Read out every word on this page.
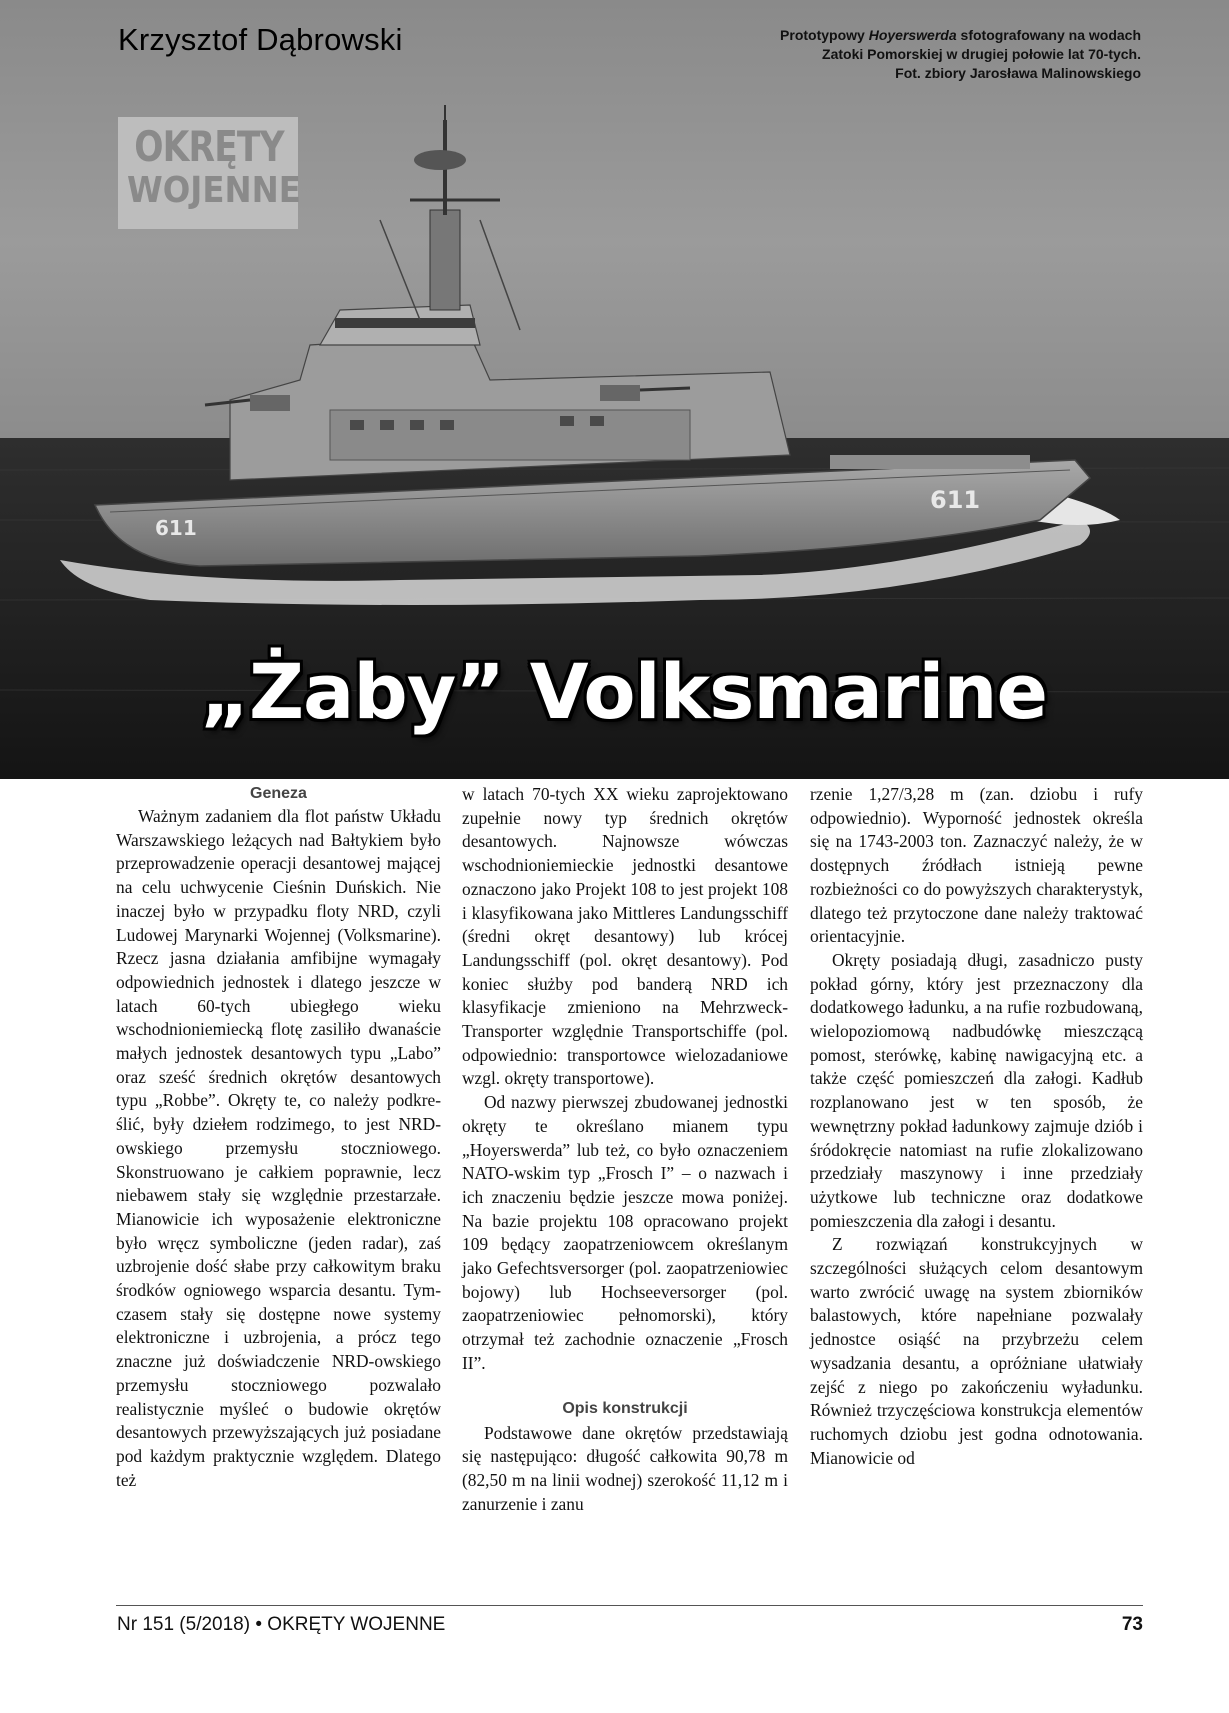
611
611
Krzysztof Dąbrowski	Prototypowy Hoyerswerda sfotografowany na wodach
Zatoki Pomorskiej w drugiej połowie lat 70-tych.
Fot. zbiory Jarosława Malinowskiego
OKRĘTY
WOJENNE
„Żaby” Volksmarine
Geneza

Ważnym zadaniem dla flot państw Układu Warszawskiego leżących nad Bałtykiem było przeprowadzenie operacji desantowej mającej na celu uchwycenie Cieśnin Duńskich. Nie inaczej było w przypadku floty NRD, czyli Ludowej Marynarki Wojennej (Volksmarine). Rzecz jasna działania amfibijne wymagały odpowiednich jednostek i dlatego jeszcze w latach 60-tych ubiegłego wieku wschodnioniemiecką flotę zasiliło dwanaście małych jednostek desantowych typu „Labo” oraz sześć średnich okrętów desantowych typu „Robbe”. Okręty te, co należy podkreślić, były dziełem rodzimego, to jest NRD-owskiego przemysłu stoczniowego. Skonstruowano je całkiem poprawnie, lecz niebawem stały się względnie przestarzałe. Mianowicie ich wyposażenie elektroniczne było wręcz symboliczne (jeden radar), zaś uzbrojenie dość słabe przy całkowitym braku środków ogniowego wsparcia desantu. Tymczasem stały się dostępne nowe systemy elektroniczne i uzbrojenia, a prócz tego znaczne już doświadczenie NRD-owskiego przemysłu stoczniowego pozwalało realistycznie myśleć o budowie okrętów desantowych przewyższających już posiadane pod każdym praktycznie względem. Dlatego też

w latach 70-tych XX wieku zaprojektowano zupełnie nowy typ średnich okrętów desantowych. Najnowsze wówczas wschodnioniemieckie jednostki desantowe oznaczono jako Projekt 108 to jest projekt 108 i klasyfikowana jako Mittleres Landungsschiff (średni okręt desantowy) lub krócej Landungsschiff (pol. okręt desantowy). Pod koniec służby pod banderą NRD ich klasyfikacje zmieniono na Mehrzweck-Transporter względnie Transportschiffe (pol. odpowiednio: transportowce wielozadaniowe wzgl. okręty transportowe).

Od nazwy pierwszej zbudowanej jednostki okręty te określano mianem typu „Hoyerswerda” lub też, co było oznaczeniem NATO-wskim typ „Frosch I” – o nazwach i ich znaczeniu będzie jeszcze mowa poniżej. Na bazie projektu 108 opracowano projekt 109 będący zaopatrzeniowcem określanym jako Gefechtsversorger (pol. zaopatrzeniowiec bojowy) lub Hochseeversorger (pol. zaopatrzeniowiec pełnomorski), który otrzymał też zachodnie oznaczenie „Frosch II”.

Opis konstrukcji

Podstawowe dane okrętów przedstawiają się następująco: długość całkowita 90,78 m (82,50 m na linii wodnej) szerokość 11,12 m i zanurzenie i zanu

rzenie 1,27/3,28 m (zan. dziobu i rufy odpowiednio). Wyporność jednostek określa się na 1743-2003 ton. Zaznaczyć należy, że w dostępnych źródłach istnieją pewne rozbieżności co do powyższych charakterystyk, dlatego też przytoczone dane należy traktować orientacyjnie.

Okręty posiadają długi, zasadniczo pusty pokład górny, który jest przeznaczony dla dodatkowego ładunku, a na rufie rozbudowaną, wielopoziomową nadbudówkę mieszczącą pomost, sterówkę, kabinę nawigacyjną etc. a także część pomieszczeń dla załogi. Kadłub rozplanowano jest w ten sposób, że wewnętrzny pokład ładunkowy zajmuje dziób i śródokręcie natomiast na rufie zlokalizowano przedziały maszynowy i inne przedziały użytkowe lub techniczne oraz dodatkowe pomieszczenia dla załogi i desantu.

Z rozwiązań konstrukcyjnych w szczególności służących celom desantowym warto zwrócić uwagę na system zbiorników balastowych, które napełniane pozwalały jednostce osiąść na przybrzeżu celem wysadzania desantu, a opróżniane ułatwiały zejść z niego po zakończeniu wyładunku. Również trzyczęściowa konstrukcja elementów ruchomych dziobu jest godna odnotowania. Mianowicie od

Nr 151 (5/2018) • OKRĘTY WOJENNE	73
